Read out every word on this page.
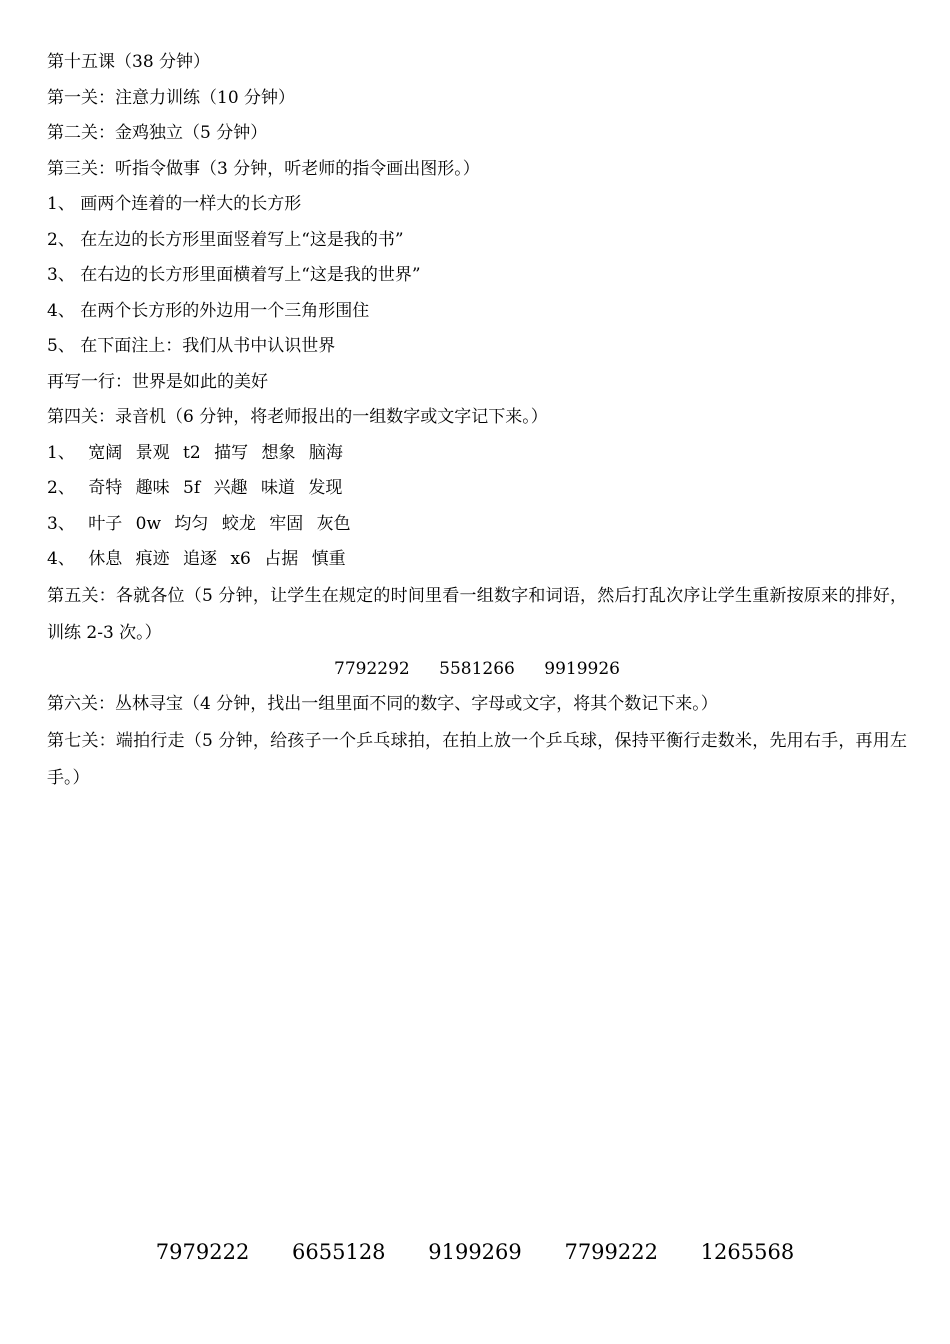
第十五课（38 分钟）
第一关：注意力训练（10 分钟）
第二关：金鸡独立（5 分钟）
第三关：听指令做事（3 分钟，听老师的指令画出图形。）
1、 画两个连着的一样大的长方形
2、 在左边的长方形里面竖着写上“这是我的书”
3、 在右边的长方形里面横着写上“这是我的世界”
4、 在两个长方形的外边用一个三角形围住
5、 在下面注上：我们从书中认识世界
再写一行：世界是如此的美好
第四关：录音机（6 分钟，将老师报出的一组数字或文字记下来。）
1、 宽阔 景观 t2 描写 想象 脑海
2、 奇特 趣味 5f 兴趣 味道 发现
3、 叶子 0w 均匀 蛟龙 牢固 灰色
4、 休息 痕迹 追逐 x6 占据 慎重
第五关：各就各位（5 分钟，让学生在规定的时间里看一组数字和词语，然后打乱次序让学生重新按原来的排好，训练 2-3 次。）
7792292 5581266 9919926
第六关：丛林寻宝（4 分钟，找出一组里面不同的数字、字母或文字，将其个数记下来。）
第七关：端拍行走（5 分钟，给孩子一个乒乓球拍，在拍上放一个乒乓球，保持平衡行走数米，先用右手，再用左手。）
7979222 6655128 9199269 7799222 1265568
